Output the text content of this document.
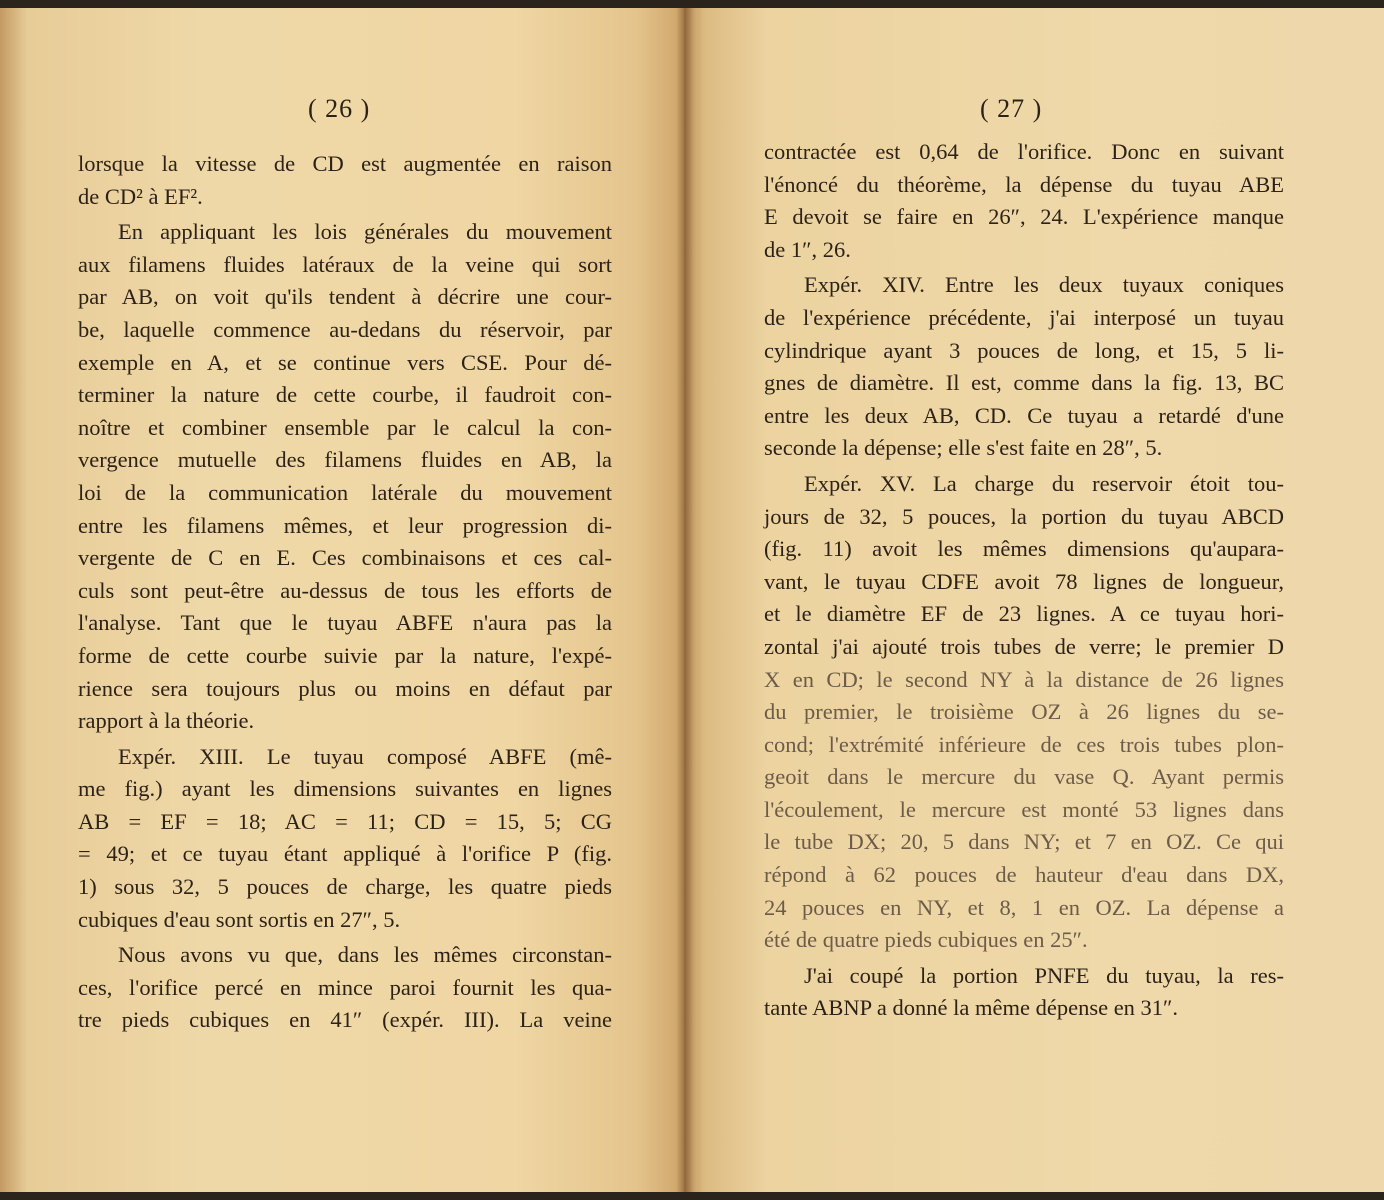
( 26 )
lorsque la vitesse de CD est augmentée en raison
de CD² à EF².
En appliquant les lois générales du mouvement
aux filamens fluides latéraux de la veine qui sort
par AB, on voit qu'ils tendent à décrire une cour-
be, laquelle commence au-dedans du réservoir, par
exemple en A, et se continue vers CSE. Pour dé-
terminer la nature de cette courbe, il faudroit con-
noître et combiner ensemble par le calcul la con-
vergence mutuelle des filamens fluides en AB, la
loi de la communication latérale du mouvement
entre les filamens mêmes, et leur progression di-
vergente de C en E. Ces combinaisons et ces cal-
culs sont peut-être au-dessus de tous les efforts de
l'analyse. Tant que le tuyau ABFE n'aura pas la
forme de cette courbe suivie par la nature, l'expé-
rience sera toujours plus ou moins en défaut par
rapport à la théorie.
Expér. XIII. Le tuyau composé ABFE (mê-
me fig.) ayant les dimensions suivantes en lignes
AB = EF = 18; AC = 11; CD = 15, 5; CG
= 49; et ce tuyau étant appliqué à l'orifice P (fig.
1) sous 32, 5 pouces de charge, les quatre pieds
cubiques d'eau sont sortis en 27″, 5.
Nous avons vu que, dans les mêmes circonstan-
ces, l'orifice percé en mince paroi fournit les qua-
tre pieds cubiques en 41″ (expér. III). La veine
( 27 )
contractée est 0,64 de l'orifice. Donc en suivant
l'énoncé du théorème, la dépense du tuyau ABE
E devoit se faire en 26″, 24. L'expérience manque
de 1″, 26.
Expér. XIV. Entre les deux tuyaux coniques
de l'expérience précédente, j'ai interposé un tuyau
cylindrique ayant 3 pouces de long, et 15, 5 li-
gnes de diamètre. Il est, comme dans la fig. 13, BC
entre les deux AB, CD. Ce tuyau a retardé d'une
seconde la dépense; elle s'est faite en 28″, 5.
Expér. XV. La charge du reservoir étoit tou-
jours de 32, 5 pouces, la portion du tuyau ABCD
(fig. 11) avoit les mêmes dimensions qu'aupara-
vant, le tuyau CDFE avoit 78 lignes de longueur,
et le diamètre EF de 23 lignes. A ce tuyau hori-
zontal j'ai ajouté trois tubes de verre; le premier D
X en CD; le second NY à la distance de 26 lignes
du premier, le troisième OZ à 26 lignes du se-
cond; l'extrémité inférieure de ces trois tubes plon-
geoit dans le mercure du vase Q. Ayant permis
l'écoulement, le mercure est monté 53 lignes dans
le tube DX; 20, 5 dans NY; et 7 en OZ. Ce qui
répond à 62 pouces de hauteur d'eau dans DX,
24 pouces en NY, et 8, 1 en OZ. La dépense a
été de quatre pieds cubiques en 25″.
J'ai coupé la portion PNFE du tuyau, la res-
tante ABNP a donné la même dépense en 31″.
